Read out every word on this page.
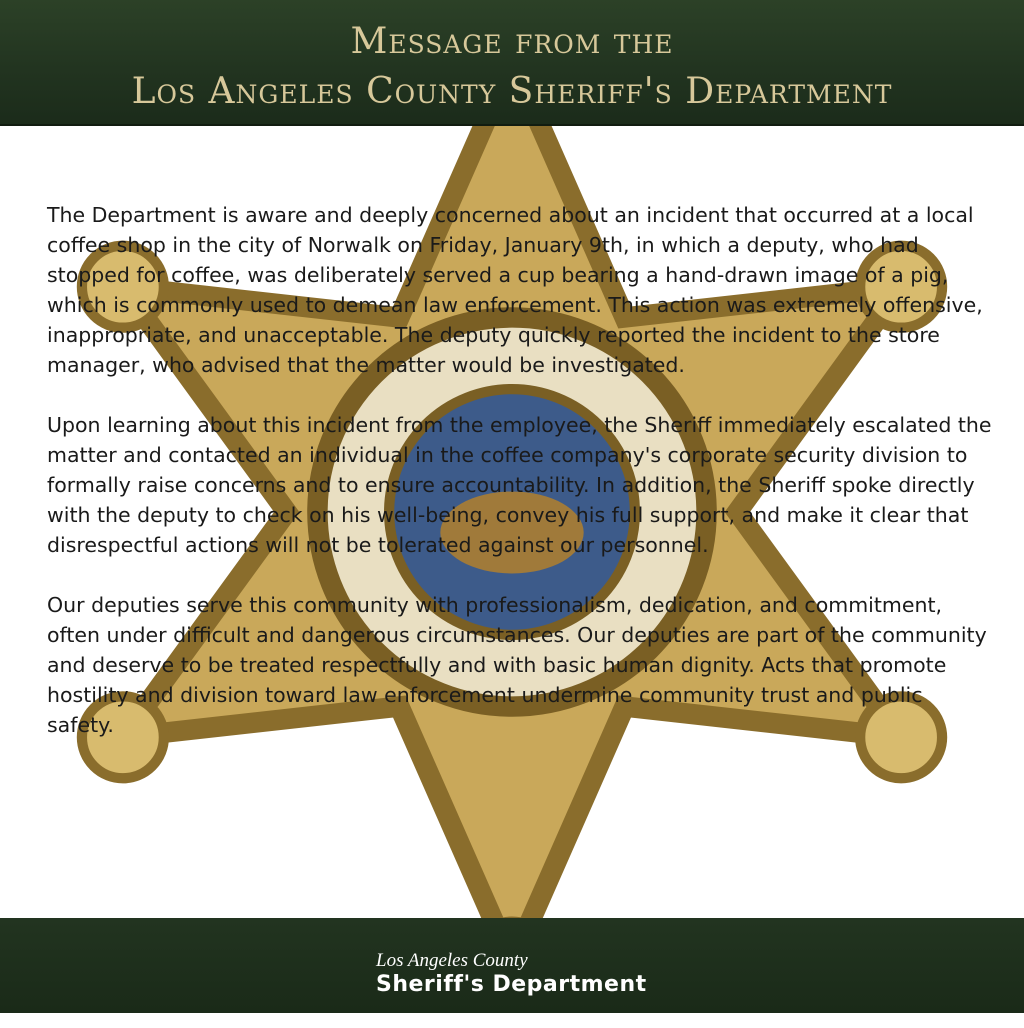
Message from the
Los Angeles County Sheriff's Department

The Department is aware and deeply concerned about an incident that occurred at a local coffee shop in the city of Norwalk on Friday, January 9th, in which a deputy, who had stopped for coffee, was deliberately served a cup bearing a hand-drawn image of a pig, which is commonly used to demean law enforcement. This action was extremely offensive, inappropriate, and unacceptable. The deputy quickly reported the incident to the store manager, who advised that the matter would be investigated.

Upon learning about this incident from the employee, the Sheriff immediately escalated the matter and contacted an individual in the coffee company's corporate security division to formally raise concerns and to ensure accountability. In addition, the Sheriff spoke directly with the deputy to check on his well-being, convey his full support, and make it clear that disrespectful actions will not be tolerated against our personnel.

Our deputies serve this community with professionalism, dedication, and commitment, often under difficult and dangerous circumstances. Our deputies are part of the community and deserve to be treated respectfully and with basic human dignity. Acts that promote hostility and division toward law enforcement undermine community trust and public safety.

Los Angeles County
Sheriff's Department
